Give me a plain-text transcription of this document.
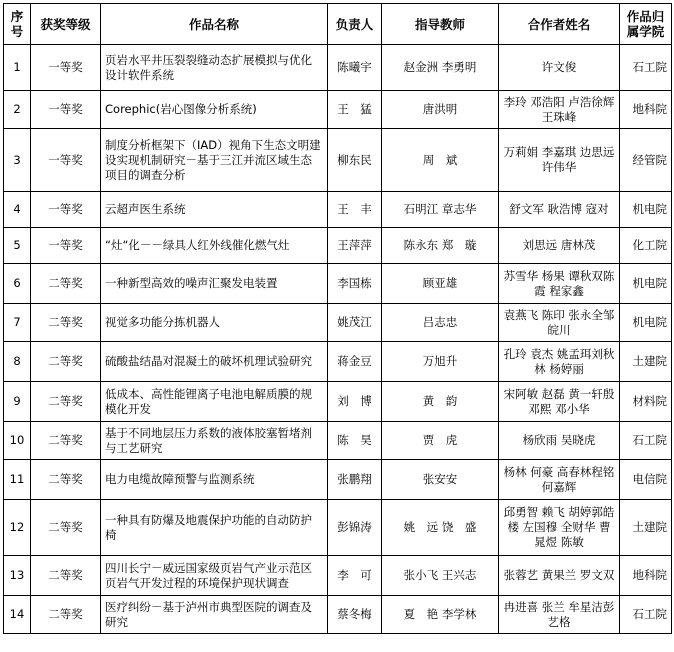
序号	获奖等级	作品名称	负责人	指导教师	合作者姓名	作品归属学院
1	一等奖	页岩水平井压裂裂缝动态扩展模拟与优化设计软件系统	陈曦宇	赵金洲 李勇明	许文俊	石工院
2	一等奖	Corephic(岩心图像分析系统)	王　猛	唐洪明	李玲 邓浩阳 卢浩徐辉 王珠峰	地科院
3	一等奖	制度分析框架下（IAD）视角下生态文明建设实现机制研究－基于三江并流区域生态项目的调查分析	柳东民	周　斌	万莉娟 李嘉琪 边思远 许伟华	经管院
4	一等奖	云超声医生系统	王　丰	石明江 章志华	舒文军 耿浩博 寇对	机电院
5	一等奖	“灶“化－－绿具人红外线催化燃气灶	王萍萍	陈永东 郑　璇	刘思远 唐林茂	化工院
6	二等奖	一种新型高效的噪声汇聚发电装置	李国栋	顾亚雄	苏雪华 杨果 谭秋双陈霞 程家鑫	机电院
7	二等奖	视觉多功能分拣机器人	姚茂江	吕志忠	袁燕飞 陈印 张永全邹皖川	机电院
8	二等奖	硫酸盐结晶对混凝土的破坏机理试验研究	蒋金豆	万旭升	孔玲 袁杰 姚孟珥刘秋林 杨婷丽	土建院
9	二等奖	低成本、高性能锂离子电池电解质膜的规模化开发	刘　博	黄　韵	宋阿敏 赵磊 黄一轩殷邓熙 邓小华	材料院
10	二等奖	基于不同地层压力系数的液体胶塞暂堵剂与工艺研究	陈　昊	贾　虎	杨欣雨 吴晓虎	石工院
11	二等奖	电力电缆故障预警与监测系统	张鹏翔	张安安	杨林 何豪 高春林程铭 何嘉辉	电信院
12	二等奖	一种具有防爆及地震保护功能的自动防护椅	彭锦涛	姚　远 饶　盛	邱勇智 赖飞 胡婷郭皓楼 左国穆 全财华 曹晁煜 陈敏	土建院
13	二等奖	四川长宁－威远国家级页岩气产业示范区页岩气开发过程的环境保护现状调查	李　可	张小飞 王兴志	张蓉艺 黄果兰 罗文双	地科院
14	二等奖	医疗纠纷－基于泸州市典型医院的调查及研究	蔡冬梅	夏　艳 李学林	冉进喜 张兰 牟星洁彭艺格	石工院
